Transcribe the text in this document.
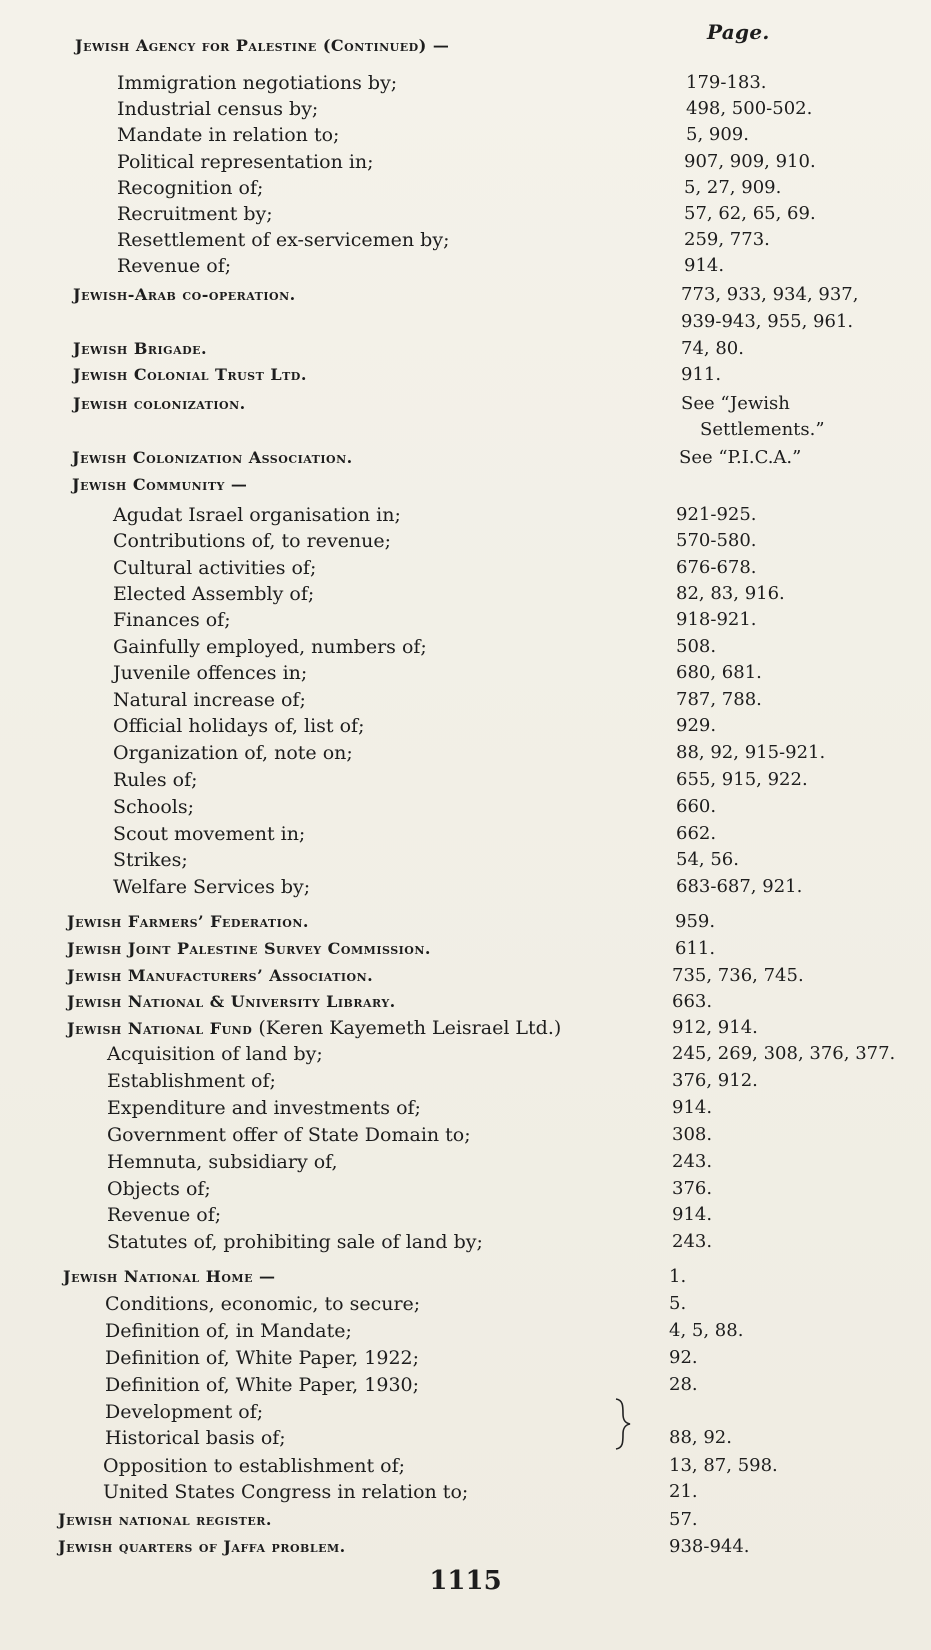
Page.
Jewish Agency for Palestine (Continued) —
Immigration negotiations by;	179-183.
Industrial census by;	498, 500-502.
Mandate in relation to;	5, 909.
Political representation in;	907, 909, 910.
Recognition of;	5, 27, 909.
Recruitment by;	57, 62, 65, 69.
Resettlement of ex-servicemen by;	259, 773.
Revenue of;	914.
Jewish-Arab co-operation.	773, 933, 934, 937,
939-943, 955, 961.
Jewish Brigade.	74, 80.
Jewish Colonial Trust Ltd.	911.
Jewish colonization.	See “Jewish
Settlements.”
Jewish Colonization Association.	See “P.I.C.A.”
Jewish Community —
Agudat Israel organisation in;	921-925.
Contributions of, to revenue;	570-580.
Cultural activities of;	676-678.
Elected Assembly of;	82, 83, 916.
Finances of;	918-921.
Gainfully employed, numbers of;	508.
Juvenile offences in;	680, 681.
Natural increase of;	787, 788.
Official holidays of, list of;	929.
Organization of, note on;	88, 92, 915-921.
Rules of;	655, 915, 922.
Schools;	660.
Scout movement in;	662.
Strikes;	54, 56.
Welfare Services by;	683-687, 921.
Jewish Farmers’ Federation.	959.
Jewish Joint Palestine Survey Commission.	611.
Jewish Manufacturers’ Association.	735, 736, 745.
Jewish National & University Library.	663.
Jewish National Fund (Keren Kayemeth Leisrael Ltd.)	912, 914.
Acquisition of land by;	245, 269, 308, 376, 377.
Establishment of;	376, 912.
Expenditure and investments of;	914.
Government offer of State Domain to;	308.
Hemnuta, subsidiary of,	243.
Objects of;	376.
Revenue of;	914.
Statutes of, prohibiting sale of land by;	243.
Jewish National Home —	1.
Conditions, economic, to secure;	5.
Definition of, in Mandate;	4, 5, 88.
Definition of, White Paper, 1922;	92.
Definition of, White Paper, 1930;	28.
Development of;
Historical basis of;	88, 92.
Opposition to establishment of;	13, 87, 598.
United States Congress in relation to;	21.
Jewish national register.	57.
Jewish quarters of Jaffa problem.	938-944.
1115
